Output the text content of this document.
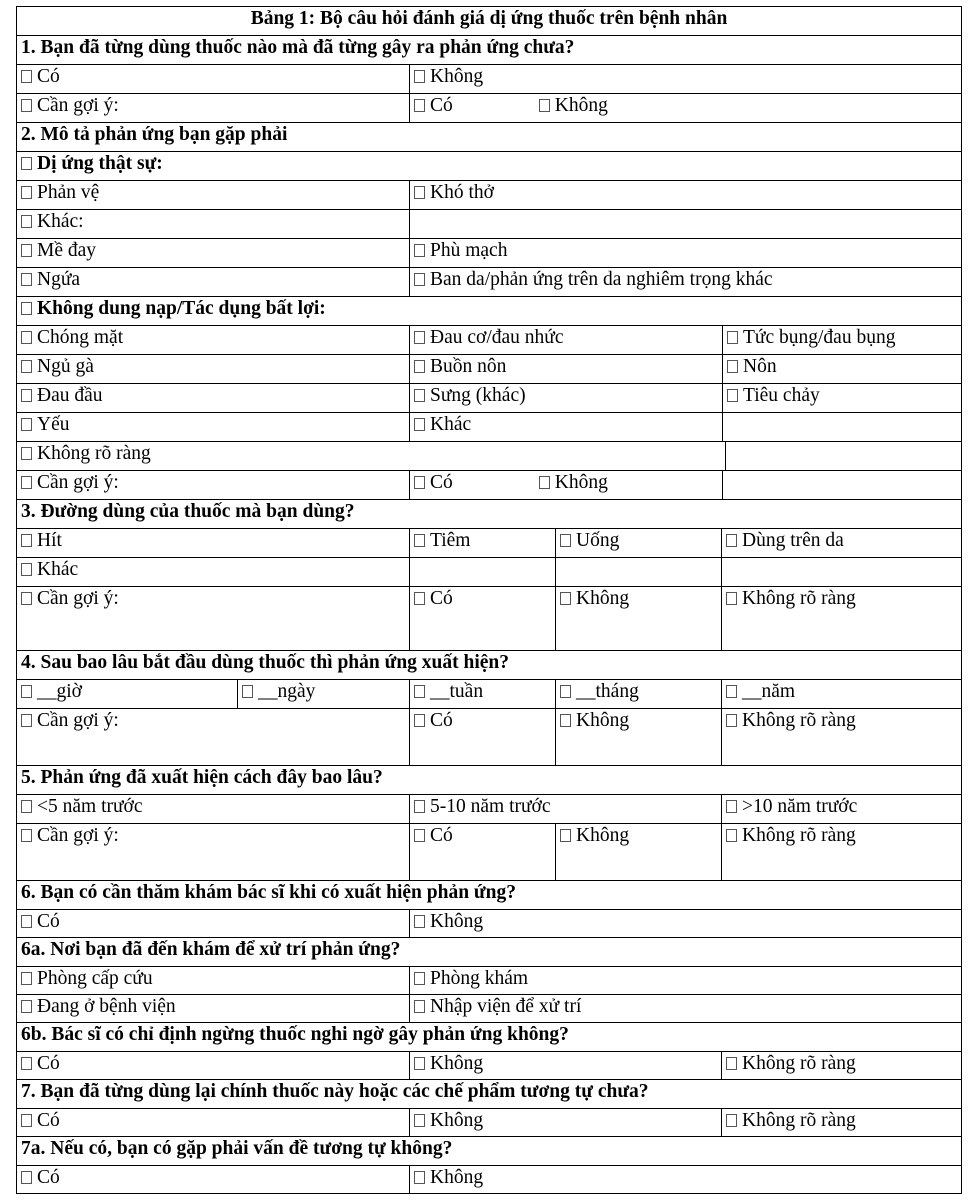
Bảng 1: Bộ câu hỏi đánh giá dị ứng thuốc trên bệnh nhân
1. Bạn đã từng dùng thuốc nào mà đã từng gây ra phản ứng chưa?
Có	Không
Cần gợi ý:	Có	Không
2. Mô tả phản ứng bạn gặp phải
Dị ứng thật sự:
Phản vệ	Khó thở
Khác:
Mề đay	Phù mạch
Ngứa	Ban da/phản ứng trên da nghiêm trọng khác
Không dung nạp/Tác dụng bất lợi:
Chóng mặt	Đau cơ/đau nhức	Tức bụng/đau bụng
Ngủ gà	Buồn nôn	Nôn
Đau đầu	Sưng (khác)	Tiêu chảy
Yếu	Khác
Không rõ ràng
Cần gợi ý:	Có	Không
3. Đường dùng của thuốc mà bạn dùng?
Hít	Tiêm	Uống	Dùng trên da
Khác
Cần gợi ý:	Có	Không	Không rõ ràng
4. Sau bao lâu bắt đầu dùng thuốc thì phản ứng xuất hiện?
__giờ	__ngày	__tuần	__tháng	__năm
Cần gợi ý:	Có	Không	Không rõ ràng
5. Phản ứng đã xuất hiện cách đây bao lâu?
<5 năm trước	5-10 năm trước	>10 năm trước
Cần gợi ý:	Có	Không	Không rõ ràng
6. Bạn có cần thăm khám bác sĩ khi có xuất hiện phản ứng?
Có	Không
6a. Nơi bạn đã đến khám để xử trí phản ứng?
Phòng cấp cứu	Phòng khám
Đang ở bệnh viện	Nhập viện để xử trí
6b. Bác sĩ có chỉ định ngừng thuốc nghi ngờ gây phản ứng không?
Có	Không	Không rõ ràng
7. Bạn đã từng dùng lại chính thuốc này hoặc các chế phẩm tương tự chưa?
Có	Không	Không rõ ràng
7a. Nếu có, bạn có gặp phải vấn đề tương tự không?
Có	Không
